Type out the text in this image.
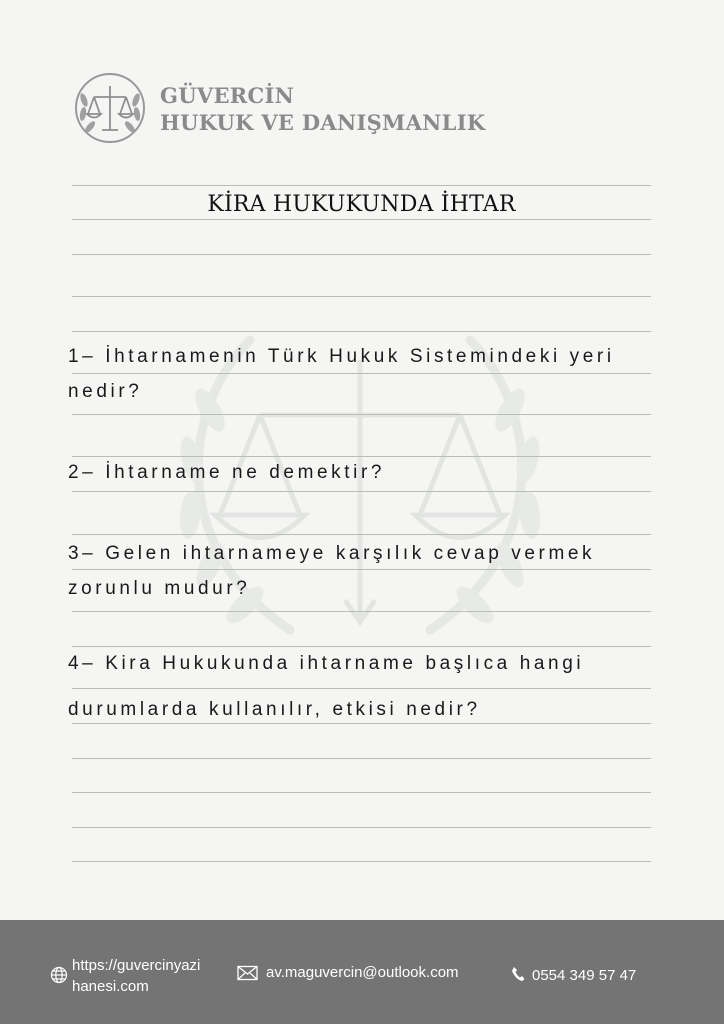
GÜVERCİN
HUKUK VE DANIŞMANLIK
KİRA HUKUKUNDA İHTAR
1– İhtarnamenin Türk Hukuk Sistemindeki yeri
nedir?
2– İhtarname ne demektir?
3– Gelen ihtarnameye karşılık cevap vermek
zorunlu mudur?
4– Kira Hukukunda ihtarname başlıca hangi
durumlarda kullanılır, etkisi nedir?
https://guvercinyazi
hanesi.com
av.maguvercin@outlook.com	0554 349 57 47
